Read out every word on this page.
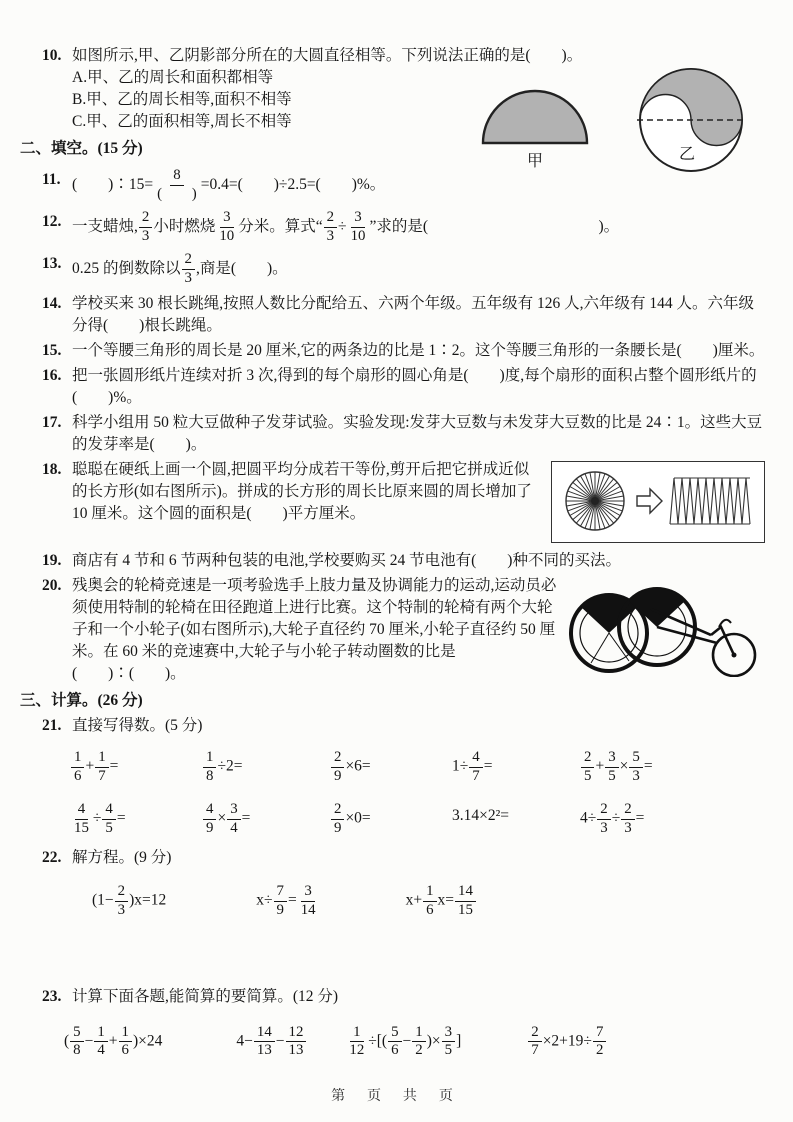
10. 如图所示,甲、乙阴影部分所在的大圆直径相等。下列说法正确的是(　　)。
甲	乙
A.甲、乙的周长和面积都相等
B.甲、乙的周长相等,面积不相等
C.甲、乙的面积相等,周长不相等
二、填空。(15 分)
11. (　　)∶15= $\frac{8}{( )} =0.4=$(　　)÷2.5=(　　)%。
12. 一支蜡烛, $\frac{2}{3}$ 小时燃烧 $\frac{3}{10}$ 分米。算式“ $\frac{2}{3} \div \frac{3}{10}$ ”求的是(　　　　　　　　　　　)。
13. 0.25 的倒数除以 $\frac{2}{3}$ ,商是(　　)。
14. 学校买来 30 根长跳绳,按照人数比分配给五、六两个年级。五年级有 126 人,六年级有 144 人。六年级分得(　　)根长跳绳。
15. 一个等腰三角形的周长是 20 厘米,它的两条边的比是 1∶2。这个等腰三角形的一条腰长是(　　)厘米。
16. 把一张圆形纸片连续对折 3 次,得到的每个扇形的圆心角是(　　)度,每个扇形的面积占整个圆形纸片的(　　)%。
17. 科学小组用 50 粒大豆做种子发芽试验。实验发现:发芽大豆数与未发芽大豆数的比是 24∶1。这些大豆的发芽率是(　　)。
18. 聪聪在硬纸上画一个圆,把圆平均分成若干等份,剪开后把它拼成近似的长方形(如右图所示)。拼成的长方形的周长比原来圆的周长增加了 10 厘米。这个圆的面积是(　　)平方厘米。
19. 商店有 4 节和 6 节两种包装的电池,学校要购买 24 节电池有(　　)种不同的买法。
20. 残奥会的轮椅竞速是一项考验选手上肢力量及协调能力的运动,运动员必须使用特制的轮椅在田径跑道上进行比赛。这个特制的轮椅有两个大轮子和一个小轮子(如右图所示),大轮子直径约 70 厘米,小轮子直径约 50 厘米。在 60 米的竞速赛中,大轮子与小轮子转动圈数的比是(　　)∶(　　)。
三、计算。(26 分)
21. 直接写得数。(5 分)
$\frac{1}{6} + \frac{1}{7}$ =	$\frac{1}{8} \div 2=$	$\frac{2}{9} \times 6=$	$1\div \frac{4}{7}$ =	$\frac{2}{5} + \frac{3}{5} \times \frac{5}{3}$ =
$\frac{4}{15} \div \frac{4}{5}$ =	$\frac{4}{9} \times \frac{3}{4}$ =	$\frac{2}{9} \times 0=$	3.14×2²=	$4\div \frac{2}{3} \div \frac{2}{3}$ =
22. 解方程。(9 分)
$(1- \frac{2}{3} )x=12$	$x\div \frac{7}{9} = \frac{3}{14}$	$x+ \frac{1}{6} x= \frac{14}{15}$
23. 计算下面各题,能简算的要简算。(12 分)
( $\frac{5}{8} - \frac{1}{4} + \frac{1}{6} )\times 24$	$4- \frac{14}{13} - \frac{12}{13}$	$\frac{1}{12}$ ÷[( $\frac{5}{6} - \frac{1}{2}$ )× $\frac{3}{5}$ ]	$\frac{2}{7} \times 2+19\div \frac{7}{2}$
第 页 共 页
